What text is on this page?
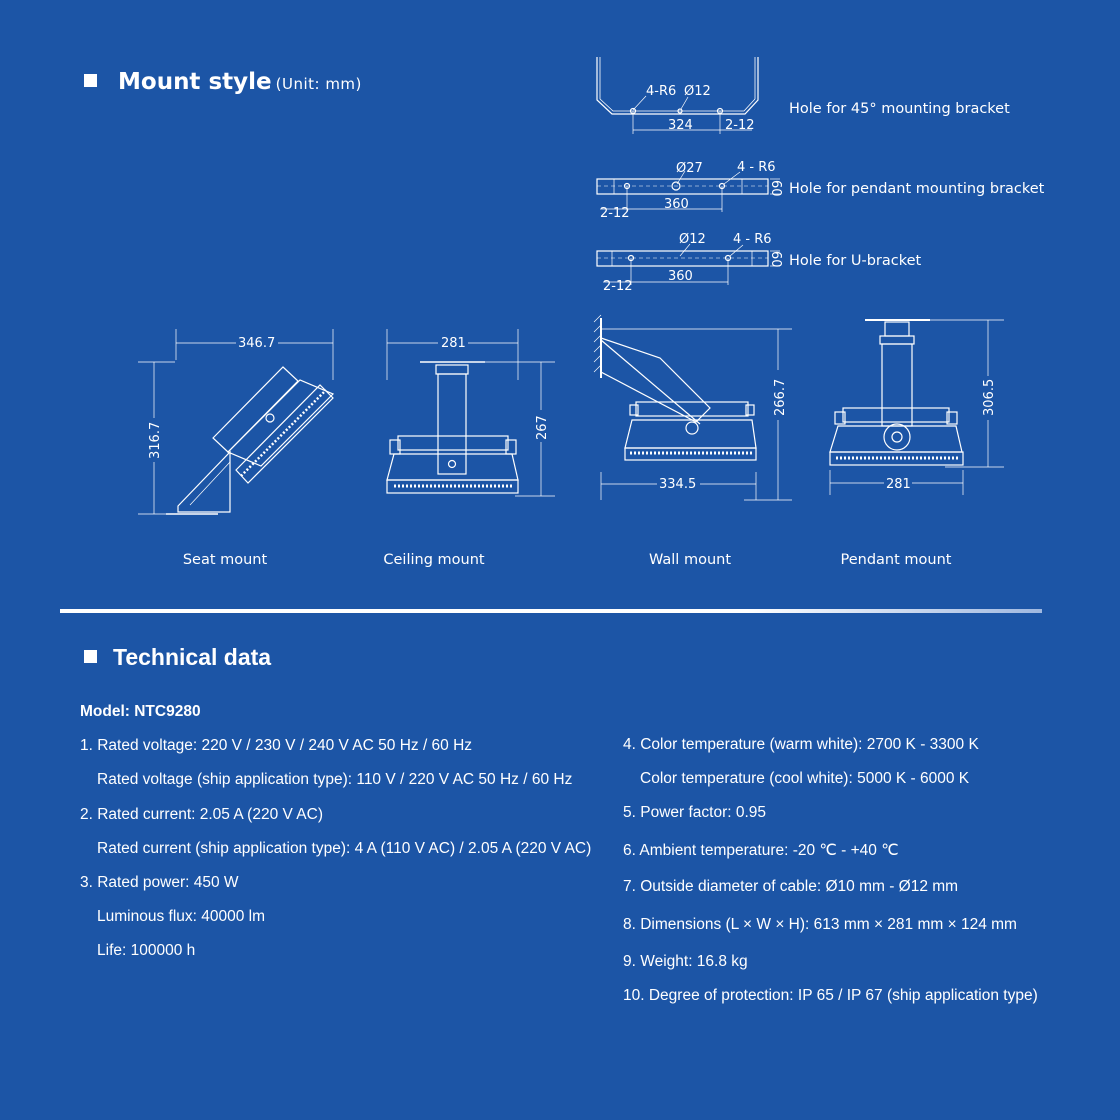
Mount style (Unit: mm)	4-R6 Ø12
324 2-12
Ø27	4 - R6
60
360
2-12
Ø12 4 - R6
60
360
2-12
346.7
316.7
281
267
266.7
334.5
306.5
281
Hole for 45° mounting bracket
Hole for pendant mounting bracket
Hole for U-bracket
Seat mount	Ceiling mount	Wall mount	Pendant mount
Technical data
Model: NTC9280
1. Rated voltage: 220 V / 230 V / 240 V AC 50 Hz / 60 Hz
Rated voltage (ship application type): 110 V / 220 V AC 50 Hz / 60 Hz
2. Rated current: 2.05 A (220 V AC)
Rated current (ship application type): 4 A (110 V AC) / 2.05 A (220 V AC)
3. Rated power: 450 W
Luminous flux: 40000 lm
Life: 100000 h
4. Color temperature (warm white): 2700 K - 3300 K
Color temperature (cool white): 5000 K - 6000 K
5. Power factor: 0.95
6. Ambient temperature: -20 ℃ - +40 ℃
7. Outside diameter of cable: Ø10 mm - Ø12 mm
8. Dimensions (L × W × H): 613 mm × 281 mm × 124 mm
9. Weight: 16.8 kg
10. Degree of protection: IP 65 / IP 67 (ship application type)
